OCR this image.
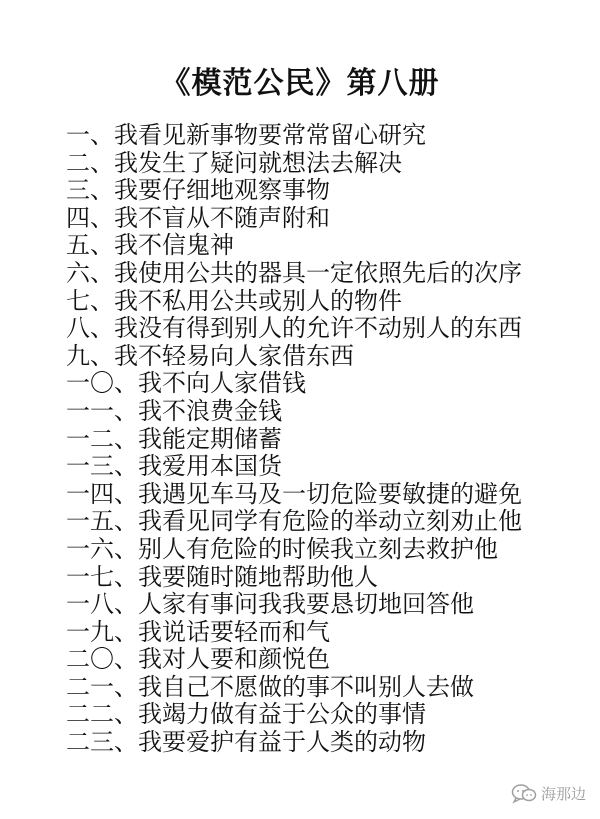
《模范公民》第八册
一、我看见新事物要常常留心研究
二、我发生了疑问就想法去解决
三、我要仔细地观察事物
四、我不盲从不随声附和
五、我不信鬼神
六、我使用公共的器具一定依照先后的次序
七、我不私用公共或别人的物件
八、我没有得到别人的允许不动别人的东西
九、我不轻易向人家借东西
一〇、我不向人家借钱
一一、我不浪费金钱
一二、我能定期储蓄
一三、我爱用本国货
一四、我遇见车马及一切危险要敏捷的避免
一五、我看见同学有危险的举动立刻劝止他
一六、别人有危险的时候我立刻去救护他
一七、我要随时随地帮助他人
一八、人家有事问我我要恳切地回答他
一九、我说话要轻而和气
二〇、我对人要和颜悦色
二一、我自己不愿做的事不叫别人去做
二二、我竭力做有益于公众的事情
二三、我要爱护有益于人类的动物
海那边
